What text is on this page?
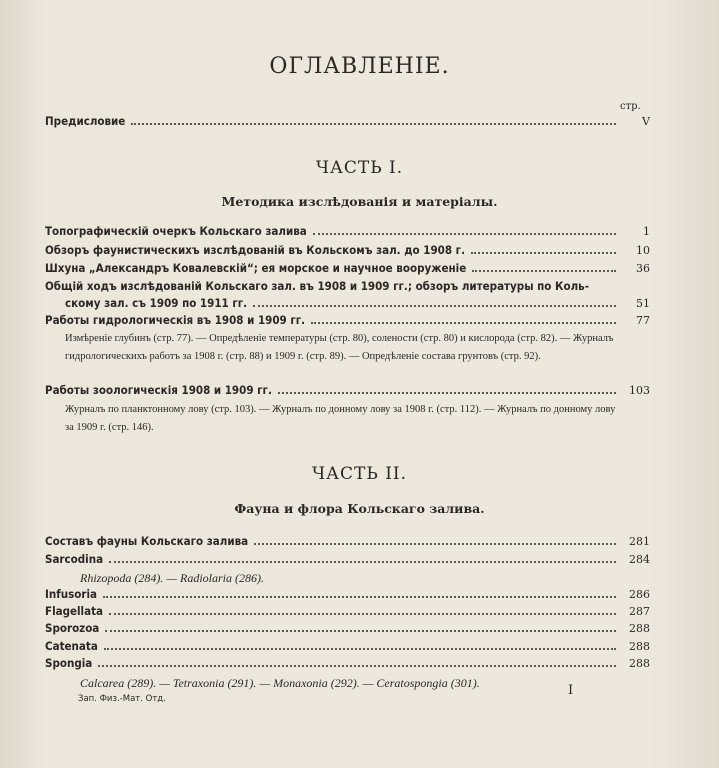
ОГЛАВЛЕНІЕ.
стр.
Предисловие	V
ЧАСТЬ I.
Методика изслѣдованія и матеріалы.
Топографическій очеркъ Кольскаго залива	1
Обзоръ фаунистическихъ изслѣдованій въ Кольскомъ зал. до 1908 г.	10
Шхуна „Александръ Ковалевскій“; ея морское и научное вооруженіе	36
Общій ходъ изслѣдованій Кольскаго зал. въ 1908 и 1909 гг.; обзоръ литературы по Коль-
скому зал. съ 1909 по 1911 гг.	51
Работы гидрологическія въ 1908 и 1909 гг.	77
Измѣреніе глубинъ (стр. 77). — Опредѣленіе температуры (стр. 80), солености (стр. 80) и кислорода (стр. 82). — Журналъ гидрологическихъ работъ за 1908 г. (стр. 88) и 1909 г. (стр. 89). — Опредѣленіе состава грунтовъ (стр. 92).
Работы зоологическія 1908 и 1909 гг.	103
Журналъ по планктонному лову (стр. 103). — Журналъ по донному лову за 1908 г. (стр. 112). — Журналъ по донному лову за 1909 г. (стр. 146).
ЧАСТЬ II.
Фауна и флора Кольскаго залива.
Составъ фауны Кольскаго залива	281
Sarcodina	284
Rhizopoda (284). — Radiolaria (286).
Infusoria	286
Flagellata	287
Sporozoa	288
Catenata	288
Spongia	288
Calcarea (289). — Tetraxonia (291). — Monaxonia (292). — Ceratospongia (301).
Зап. Физ.-Мат. Отд.
I
